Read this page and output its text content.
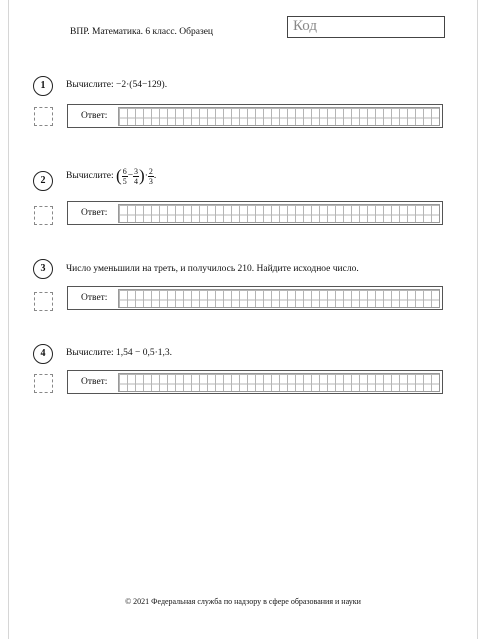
ВПР. Математика. 6 класс. Образец	Код
1	Вычислите: −2·(54−129).
Ответ:
2	Вычислите: ( $\frac{6}{5} - \frac{3}{4}$ )· $\frac{2}{3}$ .
Ответ:
3	Число уменьшили на треть, и получилось 210. Найдите исходное число.
Ответ:
4	Вычислите: 1,54 − 0,5·1,3.
Ответ:
© 2021 Федеральная служба по надзору в сфере образования и науки
